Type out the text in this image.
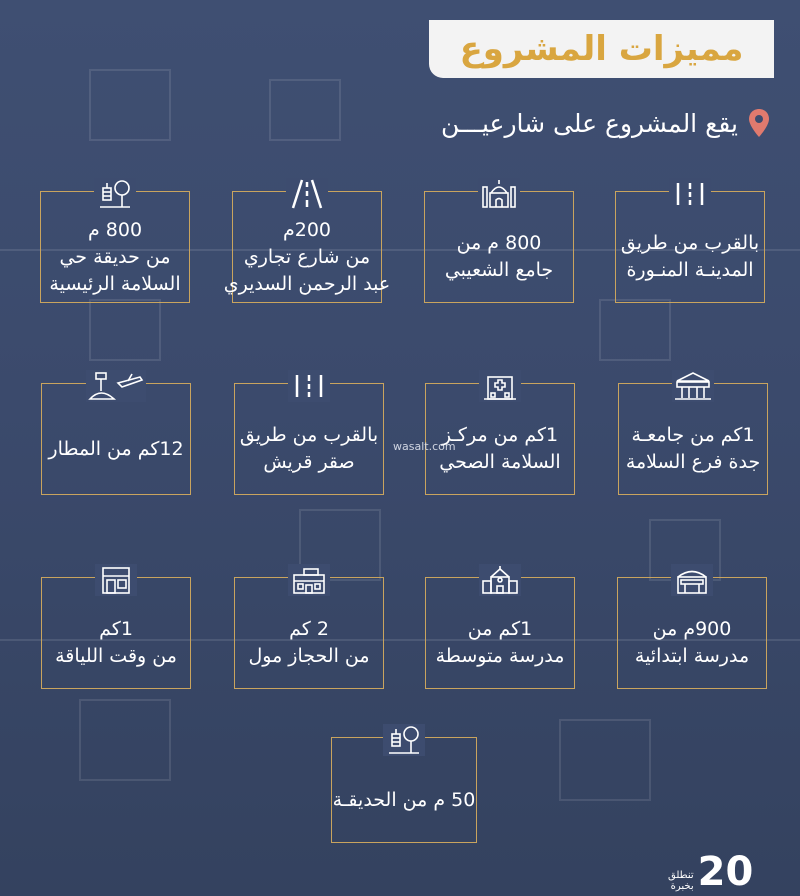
مميزات المشروع
يقع المشروع على شارعيـــن
بالقرب من طريق
المدينـة المنـورة
800 م من
جامع الشعيبي
200م
من شارع تجاري
عبد الرحمن السديري
800 م
من حديقة حي
السلامة الرئيسية
1كم من جامعـة
جدة فرع السلامة
1كم من مركـز
السلامة الصحي
بالقرب من طريق
صقر قريش
12كم من المطار
900م من
مدرسة ابتدائية
1كم من
مدرسة متوسطة
2 كم
من الحجاز مول
1كم
من وقت اللياقة
50 م من الحديقـة
wasalt.com
تنطلق
بخبرة 20
